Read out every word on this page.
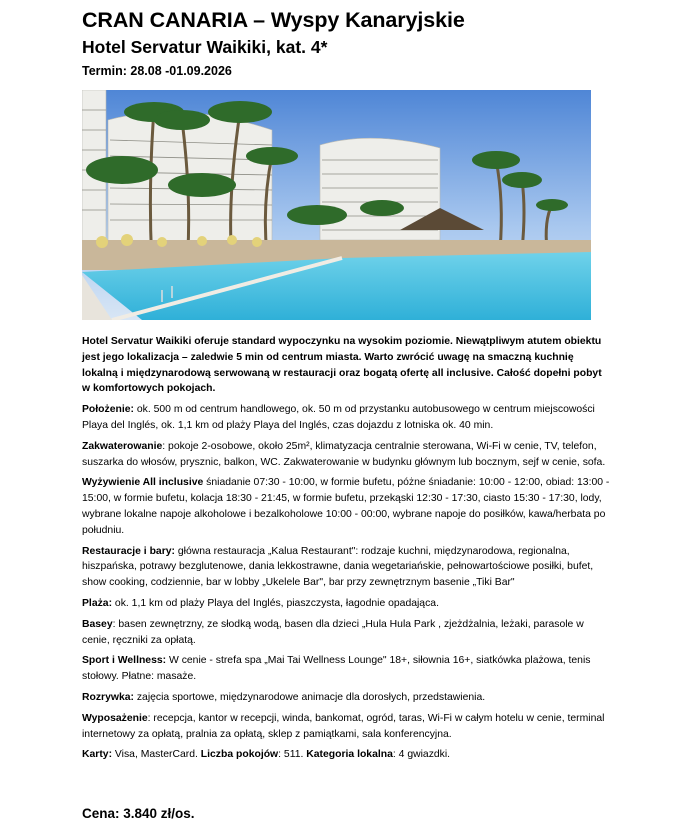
CRAN CANARIA – Wyspy Kanaryjskie
Hotel Servatur Waikiki, kat. 4*

Termin: 28.08 -01.09.2026

Hotel Servatur Waikiki oferuje standard wypoczynku na wysokim poziomie. Niewątpliwym atutem obiektu jest jego lokalizacja – zaledwie 5 min od centrum miasta. Warto zwrócić uwagę na smaczną kuchnię lokalną i międzynarodową serwowaną w restauracji oraz bogatą ofertę all inclusive. Całość dopełni pobyt w komfortowych pokojach.

Położenie: ok. 500 m od centrum handlowego, ok. 50 m od przystanku autobusowego w centrum miejscowości Playa del Inglés, ok. 1,1 km od plaży Playa del Inglés, czas dojazdu z lotniska ok. 40 min.

Zakwaterowanie: pokoje 2-osobowe, około 25m², klimatyzacja centralnie sterowana, Wi-Fi w cenie, TV, telefon, suszarka do włosów, prysznic, balkon, WC. Zakwaterowanie w budynku głównym lub bocznym, sejf w cenie, sofa.

Wyżywienie All inclusive śniadanie 07:30 - 10:00, w formie bufetu, póżne śniadanie: 10:00 - 12:00, obiad: 13:00 - 15:00, w formie bufetu, kolacja 18:30 - 21:45, w formie bufetu, przekąski 12:30 - 17:30, ciasto 15:30 - 17:30, lody, wybrane lokalne napoje alkoholowe i bezalkoholowe 10:00 - 00:00, wybrane napoje do posiłków, kawa/herbata po południu.

Restauracje i bary: główna restauracja „Kalua Restaurant": rodzaje kuchni, międzynarodowa, regionalna, hiszpańska, potrawy bezglutenowe, dania lekkostrawne, dania wegetariańskie, pełnowartościowe posiłki, bufet, show cooking, codziennie, bar w lobby „Ukelele Bar", bar przy zewnętrznym basenie „Tiki Bar"

Plaża: ok. 1,1 km od plaży Playa del Inglés, piaszczysta, łagodnie opadająca.

Basey: basen zewnętrzny, ze słodką wodą, basen dla dzieci „Hula Hula Park , zjeżdżalnia, leżaki, parasole w cenie, ręczniki za opłatą.

Sport i Wellness: W cenie - strefa spa „Mai Tai Wellness Lounge" 18+, siłownia 16+, siatkówka plażowa, tenis stołowy. Płatne: masaże.

Rozrywka: zajęcia sportowe, międzynarodowe animacje dla dorosłych, przedstawienia.

Wyposażenie: recepcja, kantor w recepcji, winda, bankomat, ogród, taras, Wi-Fi w całym hotelu w cenie, terminal internetowy za opłatą, pralnia za opłatą, sklep z pamiątkami, sala konferencyjna.

Karty: Visa, MasterCard. Liczba pokojów: 511. Kategoria lokalna: 4 gwiazdki.

Cena: 3.840 zł/os.
